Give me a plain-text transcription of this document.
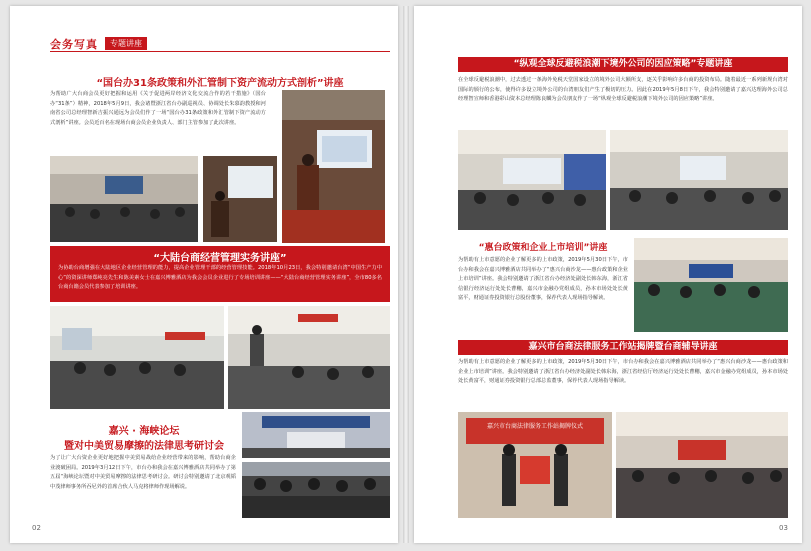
会务写真	专题讲座
“国台办31条政策和外汇管制下资产流动方式剖析”讲座
为帮助广大台商会员更好把握和运用《关于促进两岸经济文化交流合作的若干措施》（国台办“31条”）精神，2018年5月9日，我会诸暨浙江省台办副巡视员、协调处长朱慕韵教授和河南省公司总经理智新吉振兴通远为会员们作了一场“国台办31条政策和外汇管制下资产流动方式剖析”讲座。会员近百名在现场台商会员企业负责人、部门主管参加了此次讲座。
“大陆台商经营管理实务讲座”
为协助台商增强在大陆地区企业经营管理的能力，提高企业管理干部的经营管理技能。2018年10月23日，我会特别邀请台湾“中国生产力中心”的资深讲师郑纯亮先生和陈美素女士在嘉兴博雅酒店为我会会员企业进行了专场培训讲座——“大陆台商经营管理实务讲座”，全市80多名台商台籍会员代表参加了培训讲座。
嘉兴 · 海峡论坛
暨对中美贸易摩擦的法律思考研讨会
为了让广大台资企业更好地把握中美贸易战给企业经营带来的影响，帮助台商企业渡破困局。2019年3月12日下午，市台办和我会在嘉兴博雅酒店共同举办了第五届“海峡论坛暨对中美贸易摩擦的法律思考研讨会。研讨会特别邀请了北京观韬中茂律师事务所吞尼外的首席合伙人马克将律师作现场解说。
02
“纵观全球反避税浪潮下境外公司的因应策略”专题讲座
在全球反避税浪潮中，过去透过一条海外免税天堂国家设立的境外公司大额所支，逐关乎影响许多台商的投资布局。随着最近一系列新规台湾对国际的颁行的公布，使得许多设立境外公司的台湾朋友们产生了极切的压力。因此在2019年5月8日下午，我会特别邀请了嘉兴达理海外公司总经理智宣师和香港彩山资本总经理陈良麟为会员朋友作了一场“纵观全球反避税浪潮下境外公司的因应策略”讲座。
“惠台政策和企业上市培训”讲座
为帮助有上市意愿的企业了解更多的上市政策，2019年5月30日下午，市台办和我会在嘉兴博雅酒店共同举办了“惠兴台商沙龙——惠台政策和企业上市培训”讲座。我会特别邀请了浙江省台办经济处副处长韩东海，浙江省信银行经济运行处处长曹穗，嘉兴市金融办党组成员，孙本市场处处长黄富平，财通证券投资银行总股份董事，保荐代表人现场指导解读。
嘉兴市台商法律服务工作站揭牌暨台商辅导讲座
为帮助有上市意愿的企业了解更多的上市政策，2019年5月30日下午，市台办和我会在嘉兴博雅酒店共同举办了“惠兴台商沙龙——惠台政策和企业上市培训”讲座。我会特别邀请了浙江省台办经济处副处长韩东海，浙江省经信厅经济运行处处长曹穗，嘉兴市金融办党组成员，孙本市场处处长黄富平，财通证券投资银行总部总监董事，保荐代表人现场指导解读。
嘉兴市台商法律服务工作站揭牌仪式
03
